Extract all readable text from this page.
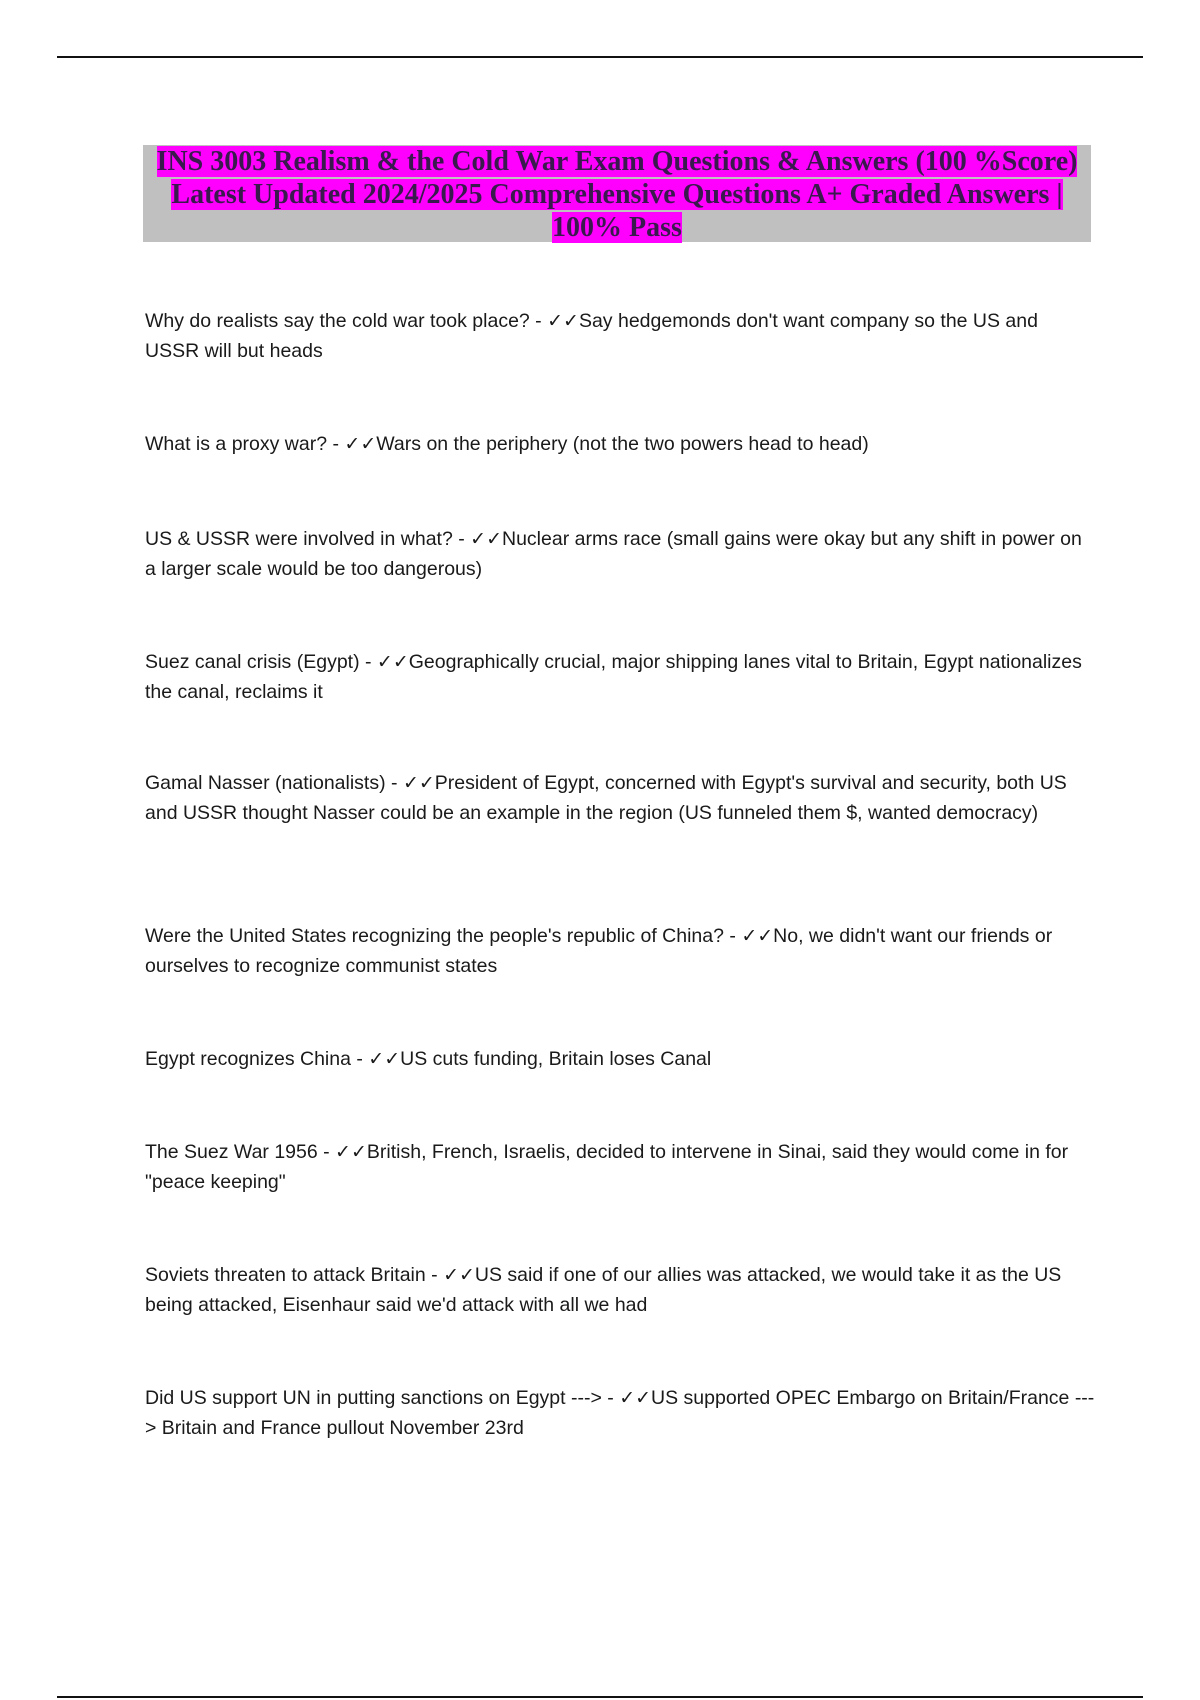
INS 3003 Realism & the Cold War Exam Questions & Answers (100 %Score) Latest Updated 2024/2025 Comprehensive Questions A+ Graded Answers | 100% Pass
Why do realists say the cold war took place? - ✓✓Say hedgemonds don't want company so the US and USSR will but heads
What is a proxy war? - ✓✓Wars on the periphery (not the two powers head to head)
US & USSR were involved in what? - ✓✓Nuclear arms race (small gains were okay but any shift in power on a larger scale would be too dangerous)
Suez canal crisis (Egypt) - ✓✓Geographically crucial, major shipping lanes vital to Britain, Egypt nationalizes the canal, reclaims it
Gamal Nasser (nationalists) - ✓✓President of Egypt, concerned with Egypt's survival and security, both US and USSR thought Nasser could be an example in the region (US funneled them $, wanted democracy)
Were the United States recognizing the people's republic of China? - ✓✓No, we didn't want our friends or ourselves to recognize communist states
Egypt recognizes China - ✓✓US cuts funding, Britain loses Canal
The Suez War 1956 - ✓✓British, French, Israelis, decided to intervene in Sinai, said they would come in for "peace keeping"
Soviets threaten to attack Britain - ✓✓US said if one of our allies was attacked, we would take it as the US being attacked, Eisenhaur said we'd attack with all we had
Did US support UN in putting sanctions on Egypt ---> - ✓✓US supported OPEC Embargo on Britain/France ---> Britain and France pullout November 23rd
